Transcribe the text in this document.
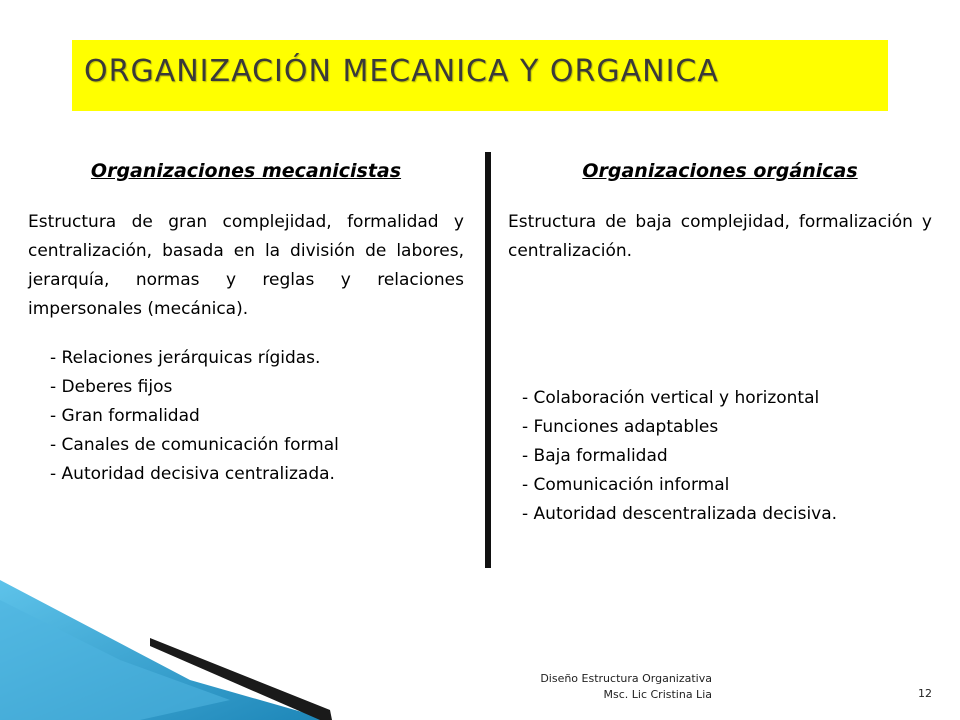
ORGANIZACIÓN MECANICA Y ORGANICA
Organizaciones mecanicistas

Estructura de gran complejidad, formalidad y centralización, basada en la división de labores, jerarquía, normas y reglas y relaciones impersonales (mecánica).

- Relaciones jerárquicas rígidas.
- Deberes fijos
- Gran formalidad
- Canales de comunicación formal
- Autoridad decisiva centralizada.
Organizaciones orgánicas

Estructura de baja complejidad, formalización y centralización.

- Colaboración vertical y horizontal
- Funciones adaptables
- Baja formalidad
- Comunicación informal
- Autoridad descentralizada decisiva.
Diseño Estructura Organizativa
Msc. Lic Cristina Lia	12
